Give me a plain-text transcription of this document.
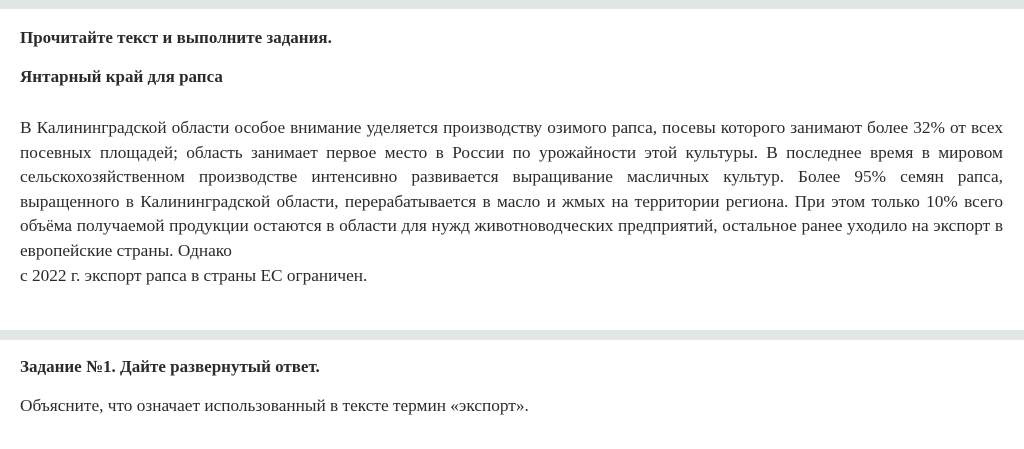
Прочитайте текст и выполните задания.

Янтарный край для рапса

В Калининградской области особое внимание уделяется производству озимого рапса, посевы которого занимают более 32% от всех посевных площадей; область занимает первое место в России по урожайности этой культуры. В последнее время в мировом сельскохозяйственном производстве интенсивно развивается выращивание масличных культур. Более 95% семян рапса, выращенного в Калининградской области, перерабатывается в масло и жмых на территории региона. При этом только 10% всего объёма получаемой продукции остаются в области для нужд животноводческих предприятий, остальное ранее уходило на экспорт в европейские страны. Однако
с 2022 г. экспорт рапса в страны ЕС ограничен.

Задание №1. Дайте развернутый ответ.

Объясните, что означает использованный в тексте термин «экспорт».
